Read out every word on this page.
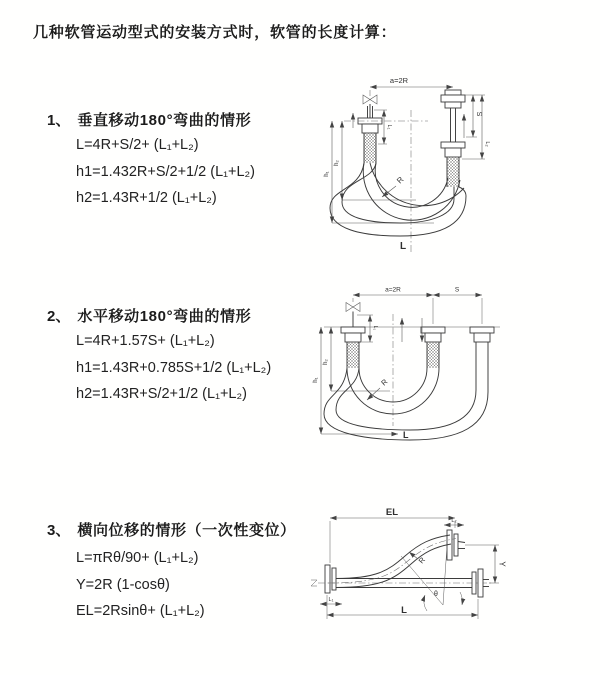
几种软管运动型式的安装方式时，软管的长度计算：
1、 垂直移动180°弯曲的情形
L=4R+S/2+ (L₁+L₂)
h1=1.432R+S/2+1/2 (L₁+L₂)
h2=1.43R+1/2 (L₁+L₂)
a=2R
L₁
S
L₂
h₁
h₂
R
L
2、 水平移动180°弯曲的情形
L=4R+1.57S+ (L₁+L₂)
h1=1.43R+0.785S+1/2 (L₁+L₂)
h2=1.43R+S/2+1/2 (L₁+L₂)
a=2R	S
L₁
h₁
h₂
L
R
3、 横向位移的情形（一次性变位）
L=πRθ/90+ (L₁+L₂)
Y=2R (1-cosθ)
EL=2Rsinθ+ (L₁+L₂)
EL
L₂
θ
R	Y
L₁
L
